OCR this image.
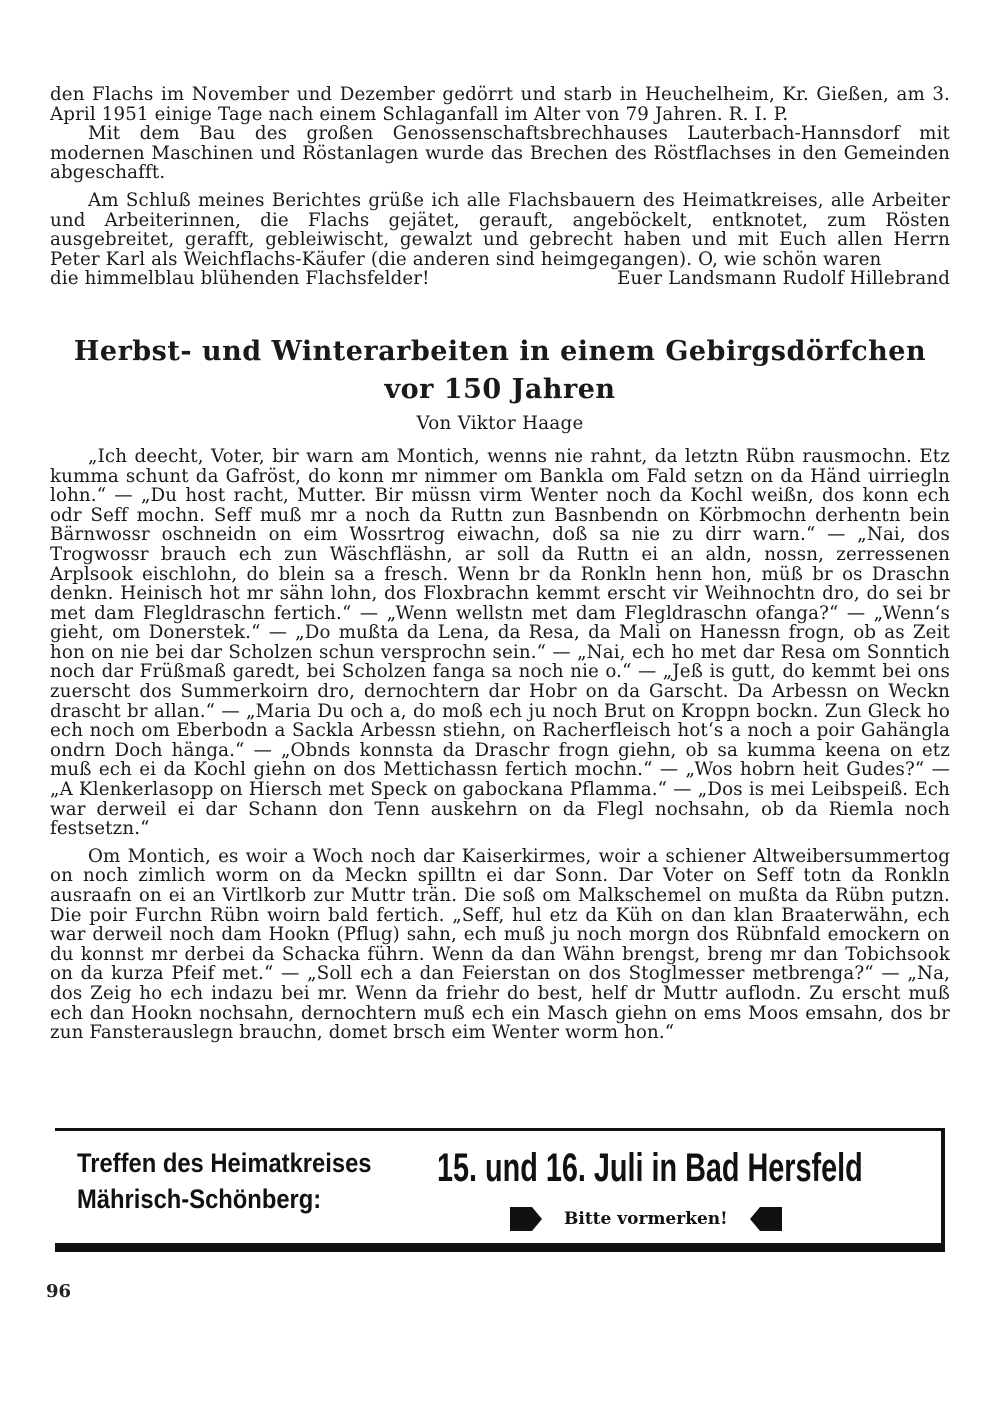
den Flachs im November und Dezember gedörrt und starb in Heuchelheim, Kr. Gießen, am 3. April 1951 einige Tage nach einem Schlaganfall im Alter von 79 Jahren. R. I. P.

Mit dem Bau des großen Genossenschaftsbrechhauses Lauterbach-Hannsdorf mit modernen Maschinen und Röstanlagen wurde das Brechen des Röstflachses in den Gemeinden abgeschafft.

Am Schluß meines Berichtes grüße ich alle Flachsbauern des Heimatkreises, alle Arbeiter und Arbeiterinnen, die Flachs gejätet, gerauft, angeböckelt, entknotet, zum Rösten ausgebreitet, gerafft, gebleiwischt, gewalzt und gebrecht haben und mit Euch allen Herrn Peter Karl als Weichflachs-Käufer (die anderen sind heimgegangen). O, wie schön waren

die himmelblau blühenden Flachsfelder!	Euer Landsmann Rudolf Hillebrand
Herbst- und Winterarbeiten in einem Gebirgsdörfchen
vor 150 Jahren
Von Viktor Haage

„Ich deecht, Voter, bir warn am Montich, wenns nie rahnt, da letztn Rübn rausmochn. Etz kumma schunt da Gafröst, do konn mr nimmer om Bankla om Fald setzn on da Händ uirriegln lohn.“ — „Du host racht, Mutter. Bir müssn virm Wenter noch da Kochl weißn, dos konn ech odr Seff mochn. Seff muß mr a noch da Ruttn zun Basnbendn on Körbmochn derhentn bein Bärnwossr oschneidn on eim Wossrtrog eiwachn, doß sa nie zu dirr warn.“ — „Nai, dos Trogwossr brauch ech zun Wäschfläshn, ar soll da Ruttn ei an aldn, nossn, zerressenen Arplsook eischlohn, do blein sa a fresch. Wenn br da Ronkln henn hon, müß br os Draschn denkn. Heinisch hot mr sähn lohn, dos Floxbrachn kemmt erscht vir Weihnochtn dro, do sei br met dam Flegldraschn fertich.“ — „Wenn wellstn met dam Flegldraschn ofanga?“ — „Wenn‘s gieht, om Donerstek.“ — „Do mußta da Lena, da Resa, da Mali on Hanessn frogn, ob as Zeit hon on nie bei dar Scholzen schun versprochn sein.“ — „Nai, ech ho met dar Resa om Sonntich noch dar Früßmaß garedt, bei Scholzen fanga sa noch nie o.“ — „Jeß is gutt, do kemmt bei ons zuerscht dos Summerkoirn dro, dernochtern dar Hobr on da Garscht. Da Arbessn on Weckn drascht br allan.“ — „Maria Du och a, do moß ech ju noch Brut on Kroppn bockn. Zun Gleck ho ech noch om Eberbodn a Sackla Arbessn stiehn, on Racherfleisch hot‘s a noch a poir Gahängla ondrn Doch hänga.“ — „Obnds konnsta da Draschr frogn giehn, ob sa kumma keena on etz muß ech ei da Kochl giehn on dos Mettichassn fertich mochn.“ — „Wos hobrn heit Gudes?“ — „A Klenkerlasopp on Hiersch met Speck on gabockana Pflamma.“ — „Dos is mei Leibspeiß. Ech war derweil ei dar Schann don Tenn auskehrn on da Flegl nochsahn, ob da Riemla noch festsetzn.“

Om Montich, es woir a Woch noch dar Kaiserkirmes, woir a schiener Altweibersummertog on noch zimlich worm on da Meckn spilltn ei dar Sonn. Dar Voter on Seff totn da Ronkln ausraafn on ei an Virtlkorb zur Muttr trän. Die soß om Malkschemel on mußta da Rübn putzn. Die poir Furchn Rübn woirn bald fertich. „Seff, hul etz da Küh on dan klan Braaterwähn, ech war derweil noch dam Hookn (Pflug) sahn, ech muß ju noch morgn dos Rübnfald emockern on du konnst mr derbei da Schacka führn. Wenn da dan Wähn brengst, breng mr dan Tobichsook on da kurza Pfeif met.“ — „Soll ech a dan Feierstan on dos Stoglmesser metbrenga?“ — „Na, dos Zeig ho ech indazu bei mr. Wenn da friehr do best, helf dr Muttr auflodn. Zu erscht muß ech dan Hookn nochsahn, dernochtern muß ech ein Masch giehn on ems Moos emsahn, dos br zun Fansterauslegn brauchn, domet brsch eim Wenter worm hon.“

Treffen des Heimatkreises
Mährisch-Schönberg:
15. und 16. Juli in Bad Hersfeld
Bitte vormerken!
96
